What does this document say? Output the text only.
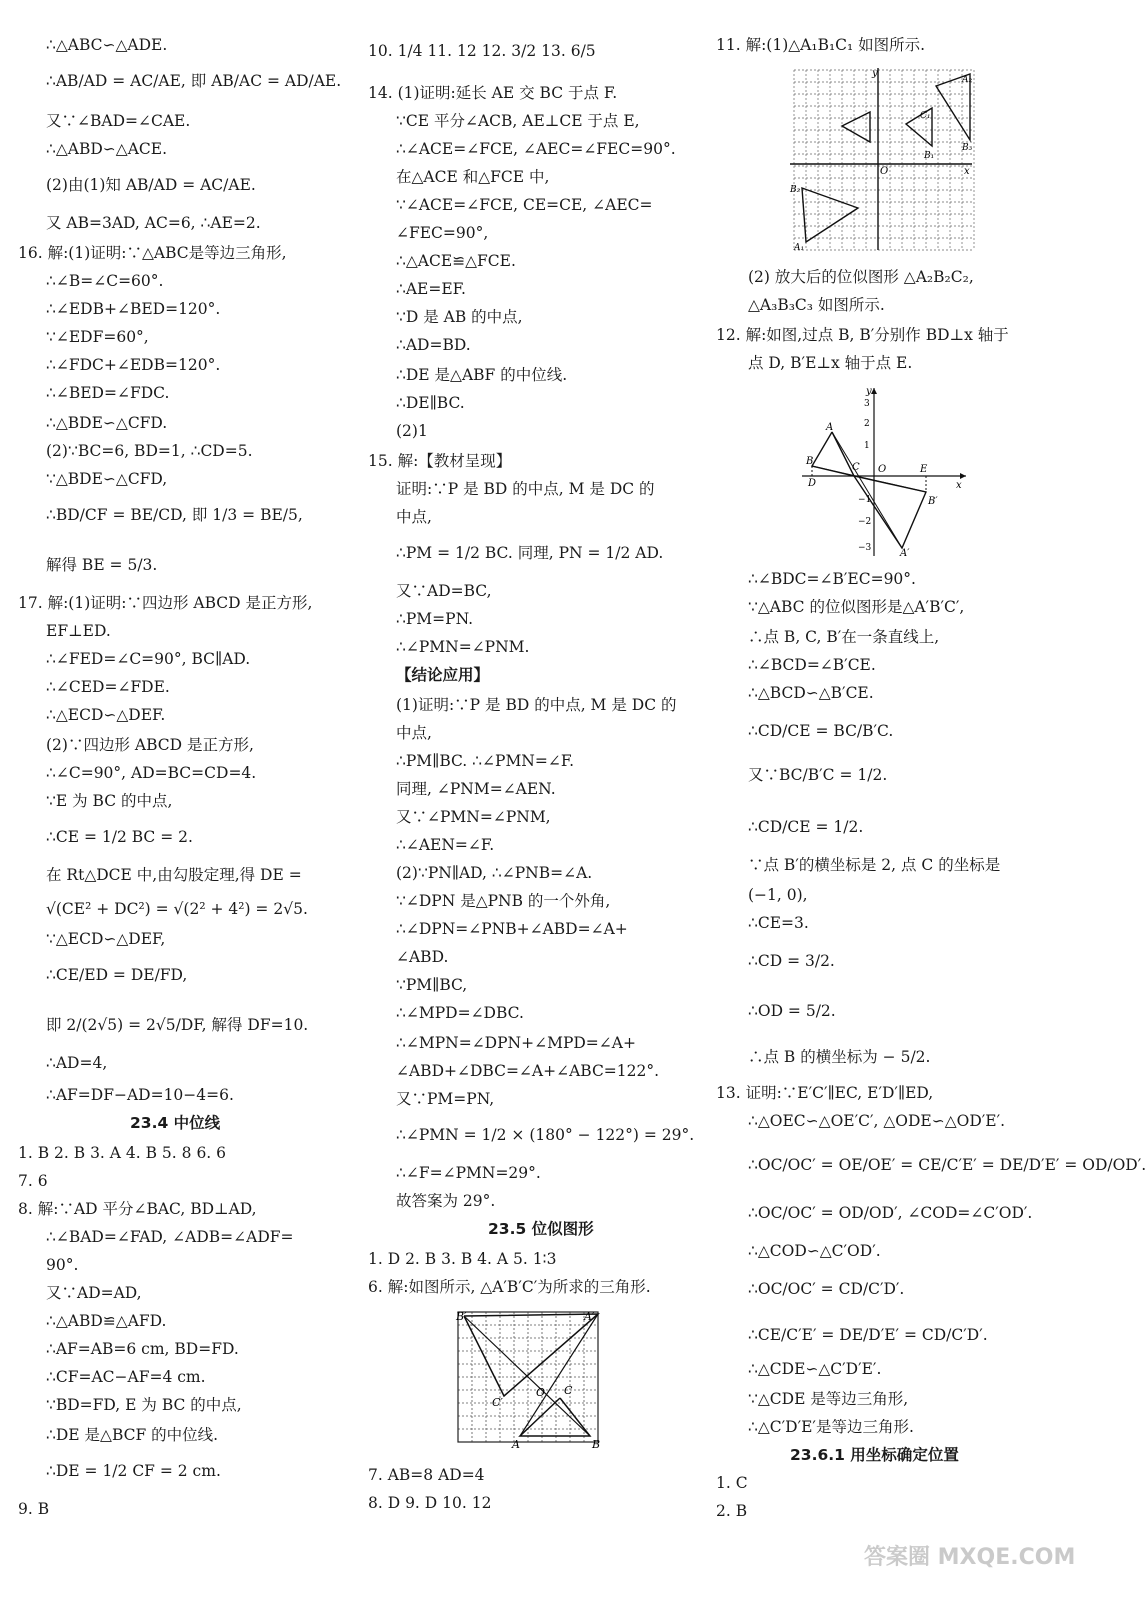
∴△ABC∽△ADE.
∴AB/AD = AC/AE, 即 AB/AC = AD/AE.
又∵∠BAD=∠CAE.
∴△ABD∽△ACE.
(2)由(1)知 AB/AD = AC/AE.
又 AB=3AD, AC=6, ∴AE=2.
16. 解:(1)证明:∵△ABC是等边三角形,
∴∠B=∠C=60°.
∴∠EDB+∠BED=120°.
∵∠EDF=60°,
∴∠FDC+∠EDB=120°.
∴∠BED=∠FDC.
∴△BDE∽△CFD.
(2)∵BC=6, BD=1, ∴CD=5.
∵△BDE∽△CFD,
∴BD/CF = BE/CD, 即 1/3 = BE/5,
解得 BE = 5/3.
17. 解:(1)证明:∵四边形 ABCD 是正方形,
EF⊥ED.
∴∠FED=∠C=90°, BC∥AD.
∴∠CED=∠FDE.
∴△ECD∽△DEF.
(2)∵四边形 ABCD 是正方形,
∴∠C=90°, AD=BC=CD=4.
∵E 为 BC 的中点,
∴CE = 1/2 BC = 2.
在 Rt△DCE 中,由勾股定理,得 DE =
√(CE² + DC²) = √(2² + 4²) = 2√5.
∵△ECD∽△DEF,
∴CE/ED = DE/FD,
即 2/(2√5) = 2√5/DF, 解得 DF=10.
∴AD=4,
∴AF=DF−AD=10−4=6.
23.4 中位线
1. B 2. B 3. A 4. B 5. 8 6. 6
7. 6
8. 解:∵AD 平分∠BAC, BD⊥AD,
∴∠BAD=∠FAD, ∠ADB=∠ADF=
90°.
又∵AD=AD,
∴△ABD≌△AFD.
∴AF=AB=6 cm, BD=FD.
∴CF=AC−AF=4 cm.
∵BD=FD, E 为 BC 的中点,
∴DE 是△BCF 的中位线.
∴DE = 1/2 CF = 2 cm.
9. B
10. 1/4 11. 12 12. 3/2 13. 6/5
14. (1)证明:延长 AE 交 BC 于点 F.
∵CE 平分∠ACB, AE⊥CE 于点 E,
∴∠ACE=∠FCE, ∠AEC=∠FEC=90°.
在△ACE 和△FCE 中,
∵∠ACE=∠FCE, CE=CE, ∠AEC=
∠FEC=90°,
∴△ACE≌△FCE.
∴AE=EF.
∵D 是 AB 的中点,
∴AD=BD.
∴DE 是△ABF 的中位线.
∴DE∥BC.
(2)1
15. 解:【教材呈现】
证明:∵P 是 BD 的中点, M 是 DC 的
中点,
∴PM = 1/2 BC. 同理, PN = 1/2 AD.
又∵AD=BC,
∴PM=PN.
∴∠PMN=∠PNM.
【结论应用】
(1)证明:∵P 是 BD 的中点, M 是 DC 的
中点,
∴PM∥BC. ∴∠PMN=∠F.
同理, ∠PNM=∠AEN.
又∵∠PMN=∠PNM,
∴∠AEN=∠F.
(2)∵PN∥AD, ∴∠PNB=∠A.
∵∠DPN 是△PNB 的一个外角,
∴∠DPN=∠PNB+∠ABD=∠A+
∠ABD.
∵PM∥BC,
∴∠MPD=∠DBC.
∴∠MPN=∠DPN+∠MPD=∠A+
∠ABD+∠DBC=∠A+∠ABC=122°.
又∵PM=PN,
∴∠PMN = 1/2 × (180° − 122°) = 29°.
∴∠F=∠PMN=29°.
故答案为 29°.
23.5 位似图形
1. D 2. B 3. B 4. A 5. 1∶3
6. 解:如图所示, △A′B′C′为所求的三角形.
7. AB=8 AD=4
8. D 9. D 10. 12
11. 解:(1)△A₁B₁C₁ 如图所示.
(2) 放大后的位似图形 △A₂B₂C₂,
△A₃B₃C₃ 如图所示.
12. 解:如图,过点 B, B′分别作 BD⊥x 轴于
点 D, B′E⊥x 轴于点 E.
∴∠BDC=∠B′EC=90°.
∵△ABC 的位似图形是△A′B′C′,
∴点 B, C, B′在一条直线上,
∴∠BCD=∠B′CE.
∴△BCD∽△B′CE.
∴CD/CE = BC/B′C.
又∵BC/B′C = 1/2.
∴CD/CE = 1/2.
∵点 B′的横坐标是 2, 点 C 的坐标是
(−1, 0),
∴CE=3.
∴CD = 3/2.
∴OD = 5/2.
∴点 B 的横坐标为 − 5/2.
13. 证明:∵E′C′∥EC, E′D′∥ED,
∴△OEC∽△OE′C′, △ODE∽△OD′E′.
∴OC/OC′ = OE/OE′ = CE/C′E′ = DE/D′E′ = OD/OD′.
∴OC/OC′ = OD/OD′, ∠COD=∠C′OD′.
∴△COD∽△C′OD′.
∴OC/OC′ = CD/C′D′.
∴CE/C′E′ = DE/D′E′ = CD/C′D′.
∴△CDE∽△C′D′E′.
∵△CDE 是等边三角形,
∴△C′D′E′是等边三角形.
23.6.1 用坐标确定位置
1. C
2. B
B′	A′
C′
O C
A	B
y
x
O
A₂
B₃
B₁
C₁
B₂
A₁
y
x
O
A
B
C
D
E
B′
A′
3
2
1
−1
−2
−3
答案圈 MXQE.COM
